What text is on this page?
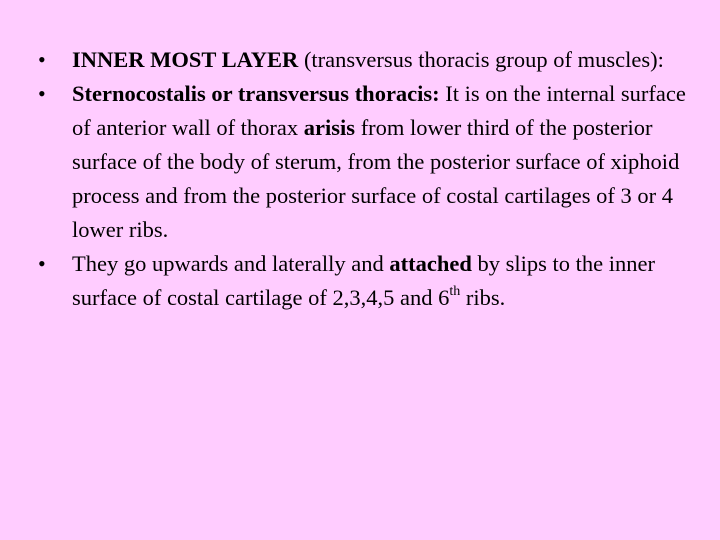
• INNER MOST LAYER (transversus thoracis group of muscles):
• Sternocostalis or transversus thoracis: It is on the internal surface of anterior wall of thorax arisis from lower third of the posterior surface of the body of sterum, from the posterior surface of xiphoid process and from the posterior surface of costal cartilages of 3 or 4 lower ribs.
• They go upwards and laterally and attached by slips to the inner surface of costal cartilage of 2,3,4,5 and 6th ribs.
